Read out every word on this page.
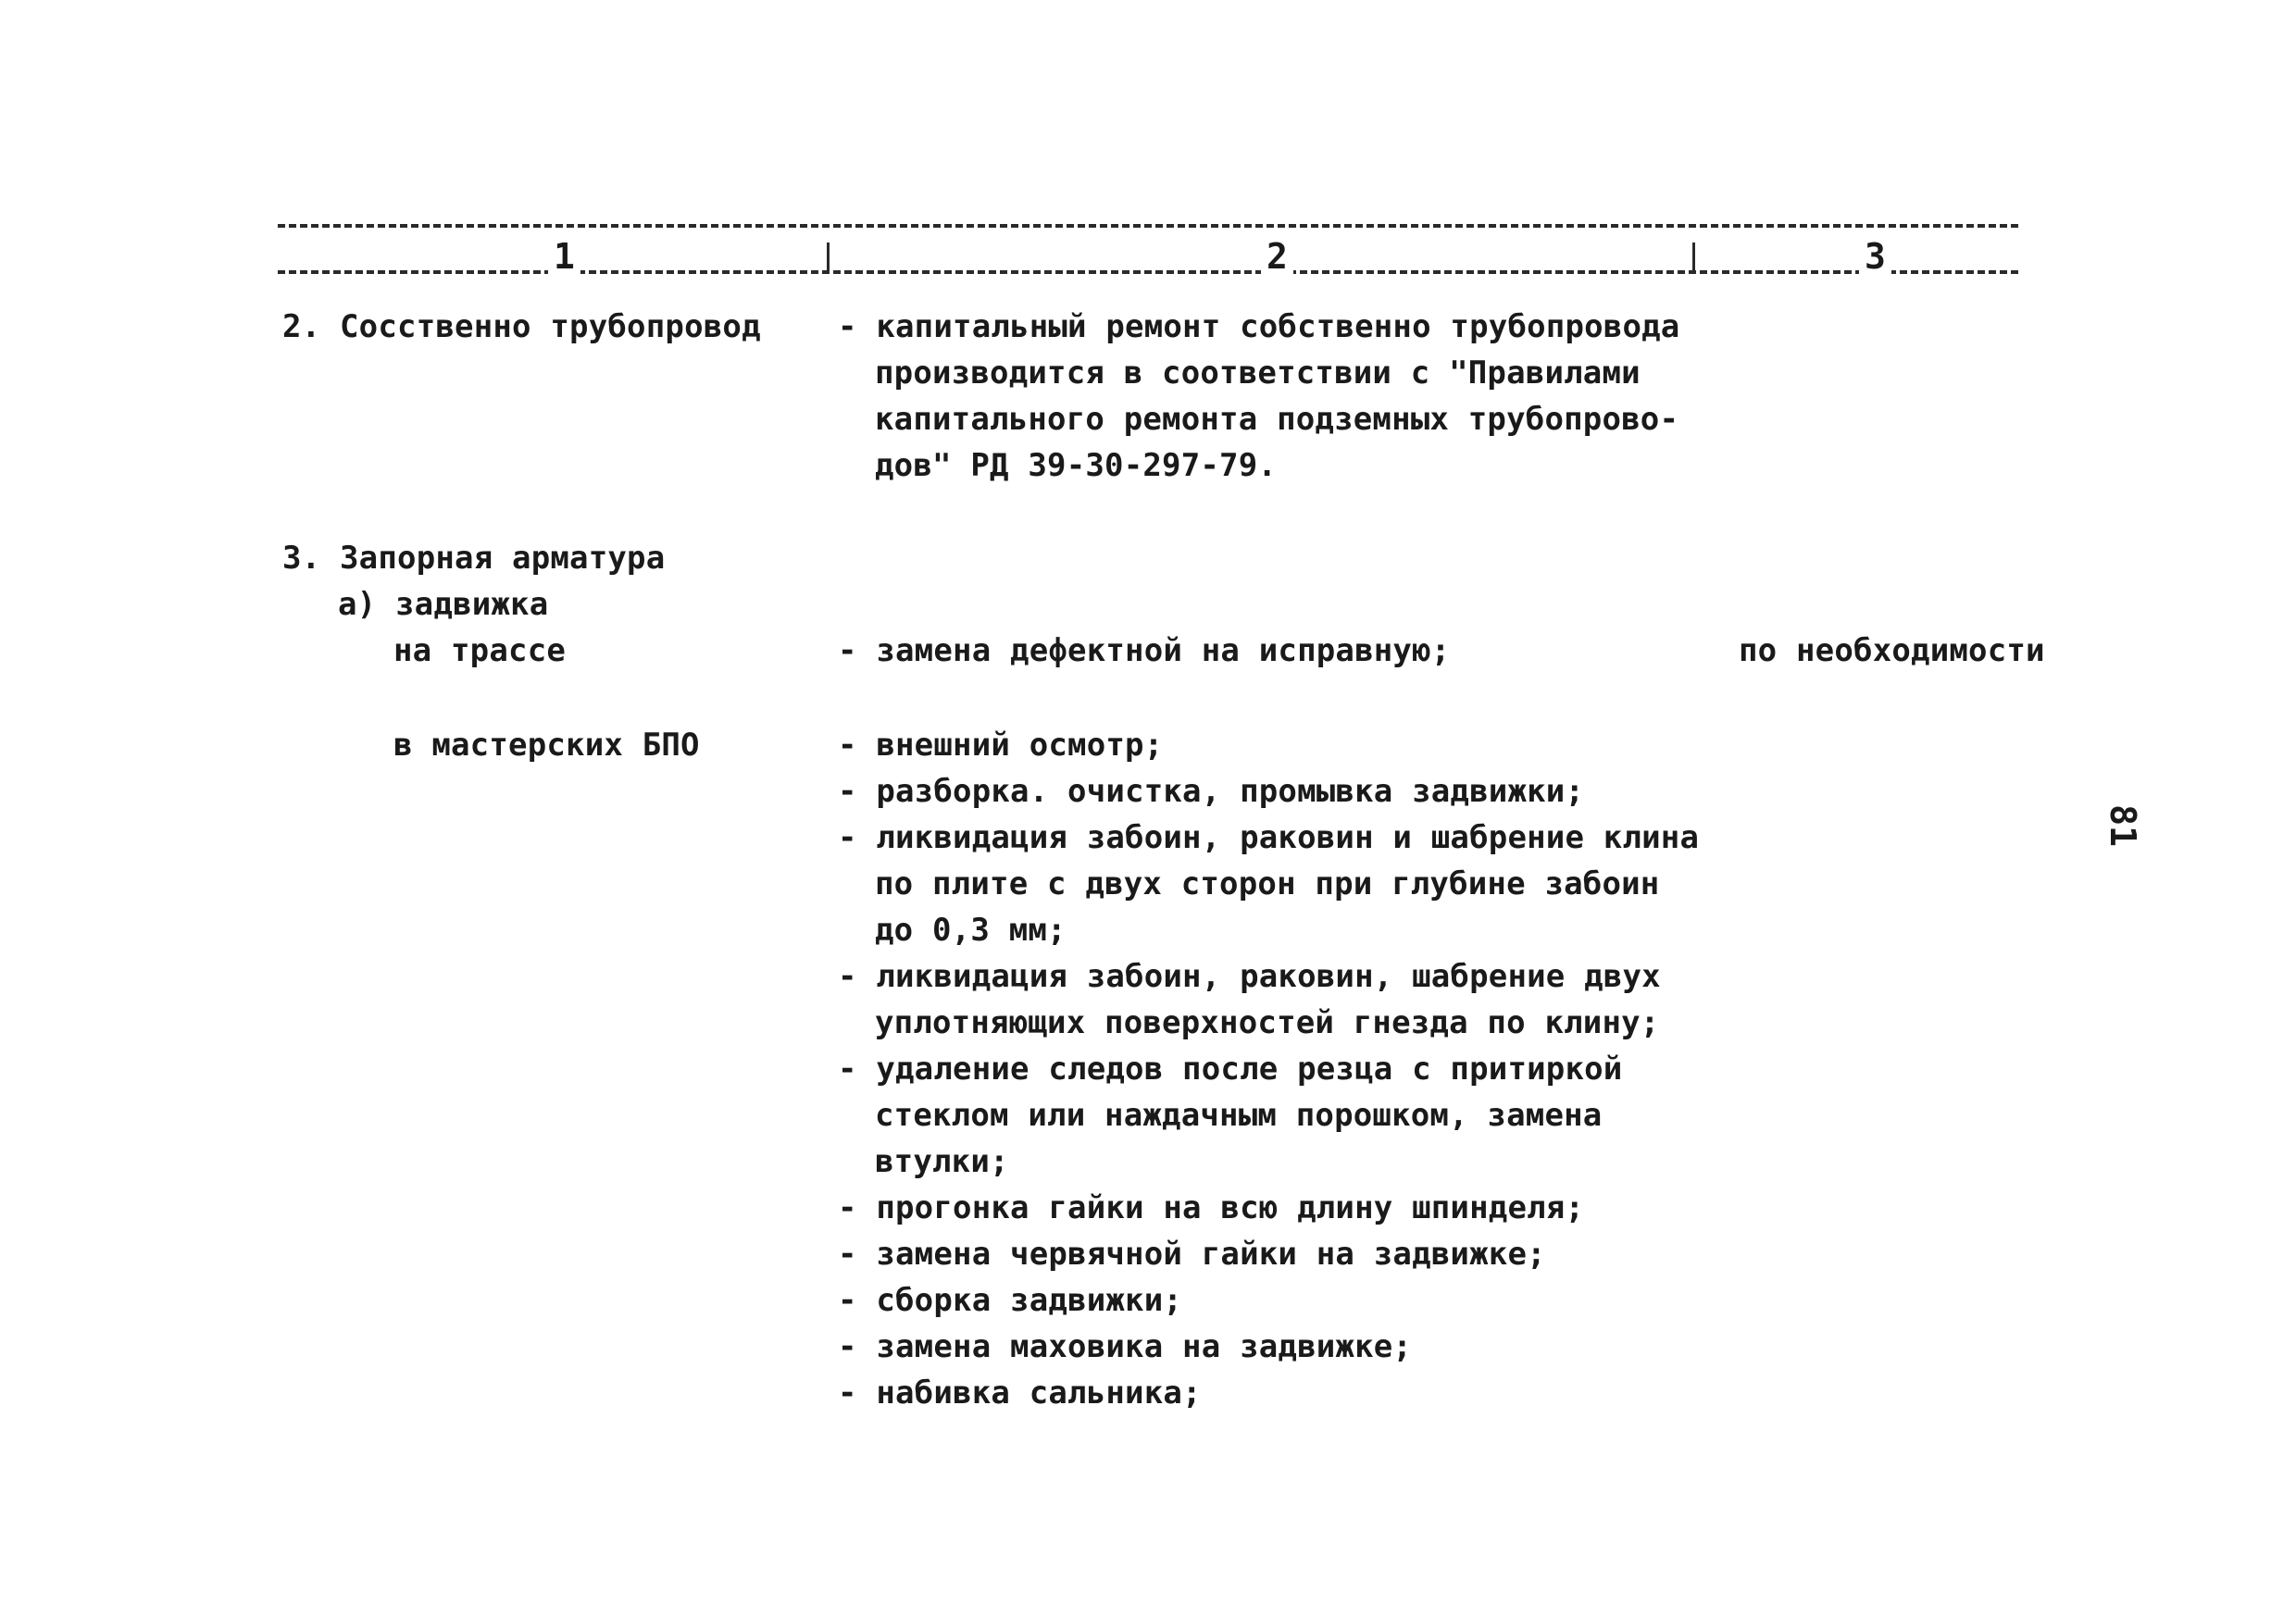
1	2	3
2. Сосственно трубопровод - капитальный ремонт собственно трубопровода
производится в соответствии с "Правилами
капитального ремонта подземных трубопрово-
дов" РД 39-30-297-79.
3. Запорная арматура
а) задвижка
на трассе	- замена дефектной на исправную;	по необходимости
в мастерских БПО	- внешний осмотр;
- разборка. очистка, промывка задвижки;
- ликвидация забоин, раковин и шабрение клина
по плите с двух сторон при глубине забоин
до 0,3 мм;
- ликвидация забоин, раковин, шабрение двух
уплотняющих поверхностей гнезда по клину;
- удаление следов после резца с притиркой
стеклом или наждачным порошком, замена
втулки;
- прогонка гайки на всю длину шпинделя;
- замена червячной гайки на задвижке;
- сборка задвижки;
- замена маховика на задвижке;
- набивка сальника;
81
